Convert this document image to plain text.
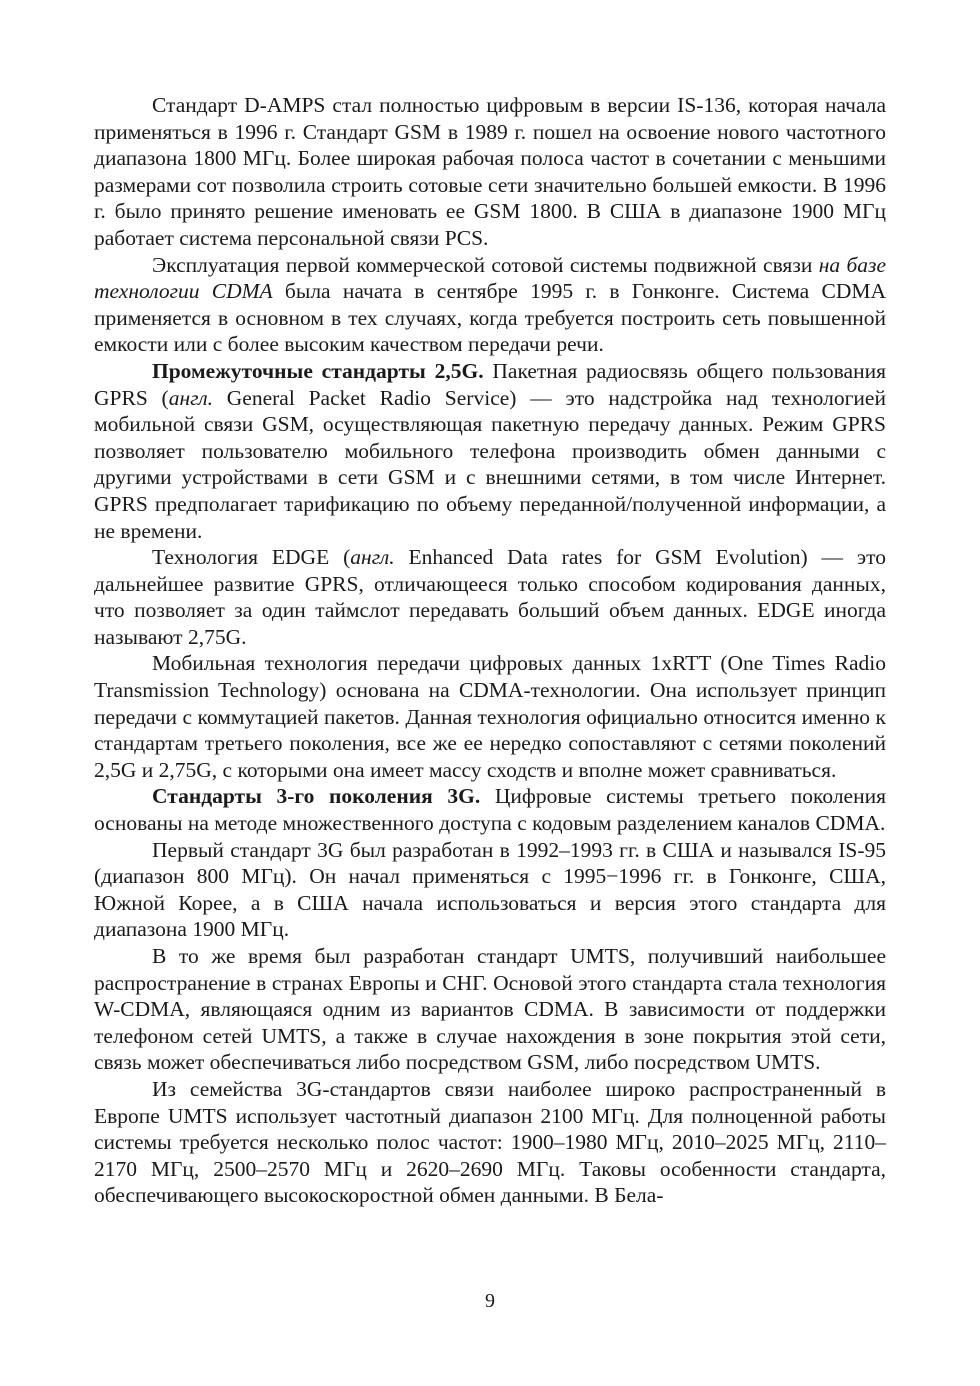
Стандарт D-AMPS стал полностью цифровым в версии IS-136, которая начала применяться в 1996 г. Стандарт GSM в 1989 г. пошел на освоение нового частотного диапазона 1800 МГц. Более широкая рабочая полоса частот в сочетании с меньшими размерами сот позволила строить сотовые сети значительно большей емкости. В 1996 г. было принято решение именовать ее GSM 1800. В США в диапазоне 1900 МГц работает система персональной связи PCS.

Эксплуатация первой коммерческой сотовой системы подвижной связи на базе технологии CDMA была начата в сентябре 1995 г. в Гонконге. Система CDMA применяется в основном в тех случаях, когда требуется построить сеть повышенной емкости или с более высоким качеством передачи речи.

Промежуточные стандарты 2,5G. Пакетная радиосвязь общего пользования GPRS (англ. General Packet Radio Service) — это надстройка над технологией мобильной связи GSM, осуществляющая пакетную передачу данных. Режим GPRS позволяет пользователю мобильного телефона производить обмен данными с другими устройствами в сети GSM и с внешними сетями, в том числе Интернет. GPRS предполагает тарификацию по объему переданной/полученной информации, а не времени.

Технология EDGE (англ. Enhanced Data rates for GSM Evolution) — это дальнейшее развитие GPRS, отличающееся только способом кодирования данных, что позволяет за один таймслот передавать больший объем данных. EDGE иногда называют 2,75G.

Мобильная технология передачи цифровых данных 1xRTT (One Times Radio Transmission Technology) основана на CDMA-технологии. Она использует принцип передачи с коммутацией пакетов. Данная технология официально относится именно к стандартам третьего поколения, все же ее нередко сопоставляют с сетями поколений 2,5G и 2,75G, с которыми она имеет массу сходств и вполне может сравниваться.

Стандарты 3-го поколения 3G. Цифровые системы третьего поколения основаны на методе множественного доступа с кодовым разделением каналов CDMA.

Первый стандарт 3G был разработан в 1992–1993 гг. в США и назывался IS-95 (диапазон 800 МГц). Он начал применяться с 1995−1996 гг. в Гонконге, США, Южной Корее, а в США начала использоваться и версия этого стандарта для диапазона 1900 МГц.

В то же время был разработан стандарт UMTS, получивший наибольшее распространение в странах Европы и СНГ. Основой этого стандарта стала технология W-CDMA, являющаяся одним из вариантов CDMA. В зависимости от поддержки телефоном сетей UMTS, а также в случае нахождения в зоне покрытия этой сети, связь может обеспечиваться либо посредством GSM, либо посредством UMTS.

Из семейства 3G-стандартов связи наиболее широко распространенный в Европе UMTS использует частотный диапазон 2100 МГц. Для полноценной работы системы требуется несколько полос частот: 1900–1980 МГц, 2010–2025 МГц, 2110–2170 МГц, 2500–2570 МГц и 2620–2690 МГц. Таковы особенности стандарта, обеспечивающего высокоскоростной обмен данными. В Бела-

9
